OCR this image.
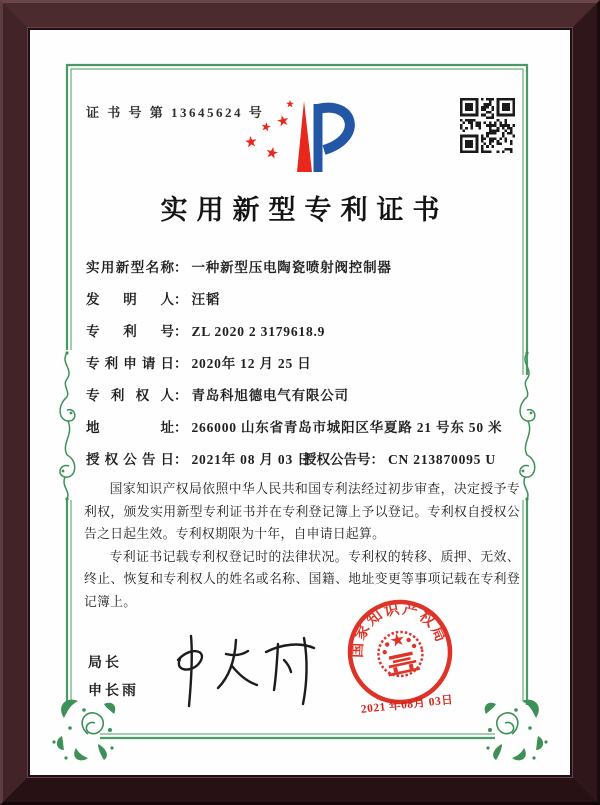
证 书 号 第 13645624 号
实用新型专利证书
实用新型名称： 一种新型压电陶瓷喷射阀控制器
发明人： 汪韬
专利号： ZL 2020 2 3179618.9
专利申请日： 2020年 12 月 25 日
专利权人： 青岛科旭德电气有限公司
地址： 266000 山东省青岛市城阳区华夏路 21 号东 50 米
授权公告日： 2021年 08 月 03 日
授权公告号： CN 213870095 U

国家知识产权局依照中华人民共和国专利法经过初步审查，决定授予专利权，颁发实用新型专利证书并在专利登记簿上予以登记。专利权自授权公告之日起生效。专利权期限为十年，自申请日起算。

专利证书记载专利权登记时的法律状况。专利权的转移、质押、无效、终止、恢复和专利权人的姓名或名称、国籍、地址变更等事项记载在专利登记簿上。

局长
申长雨
国家知识产权局
2021 年08月 03日
